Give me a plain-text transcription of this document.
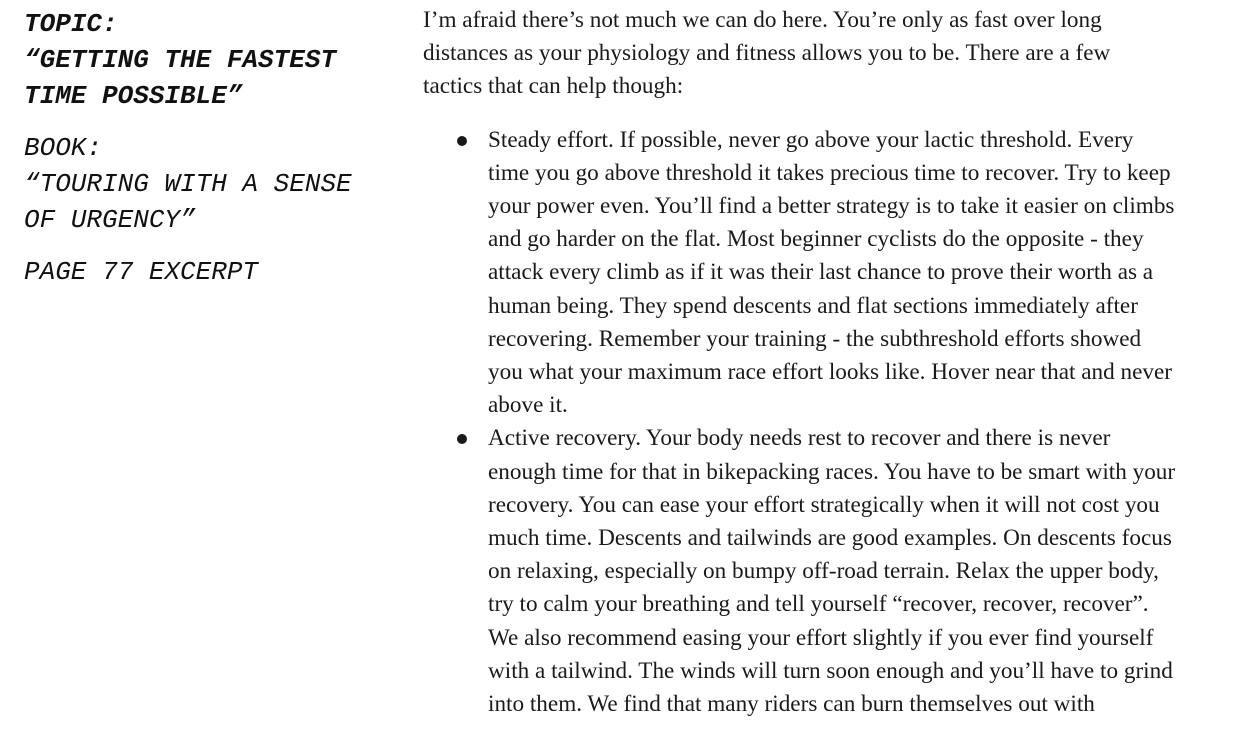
TOPIC:
“GETTING THE FASTEST
TIME POSSIBLE”
BOOK:
“TOURING WITH A SENSE
OF URGENCY”
PAGE 77 EXCERPT
I’m afraid there’s not much we can do here. You’re only as fast over long
distances as your physiology and fitness allows you to be. There are a few
tactics that can help though:
Steady effort. If possible, never go above your lactic threshold. Every
time you go above threshold it takes precious time to recover. Try to keep
your power even. You’ll find a better strategy is to take it easier on climbs
and go harder on the flat. Most beginner cyclists do the opposite - they
attack every climb as if it was their last chance to prove their worth as a
human being. They spend descents and flat sections immediately after
recovering. Remember your training - the subthreshold efforts showed
you what your maximum race effort looks like. Hover near that and never
above it.
Active recovery. Your body needs rest to recover and there is never
enough time for that in bikepacking races. You have to be smart with your
recovery. You can ease your effort strategically when it will not cost you
much time. Descents and tailwinds are good examples. On descents focus
on relaxing, especially on bumpy off-road terrain. Relax the upper body,
try to calm your breathing and tell yourself “recover, recover, recover”.
We also recommend easing your effort slightly if you ever find yourself
with a tailwind. The winds will turn soon enough and you’ll have to grind
into them. We find that many riders can burn themselves out with
